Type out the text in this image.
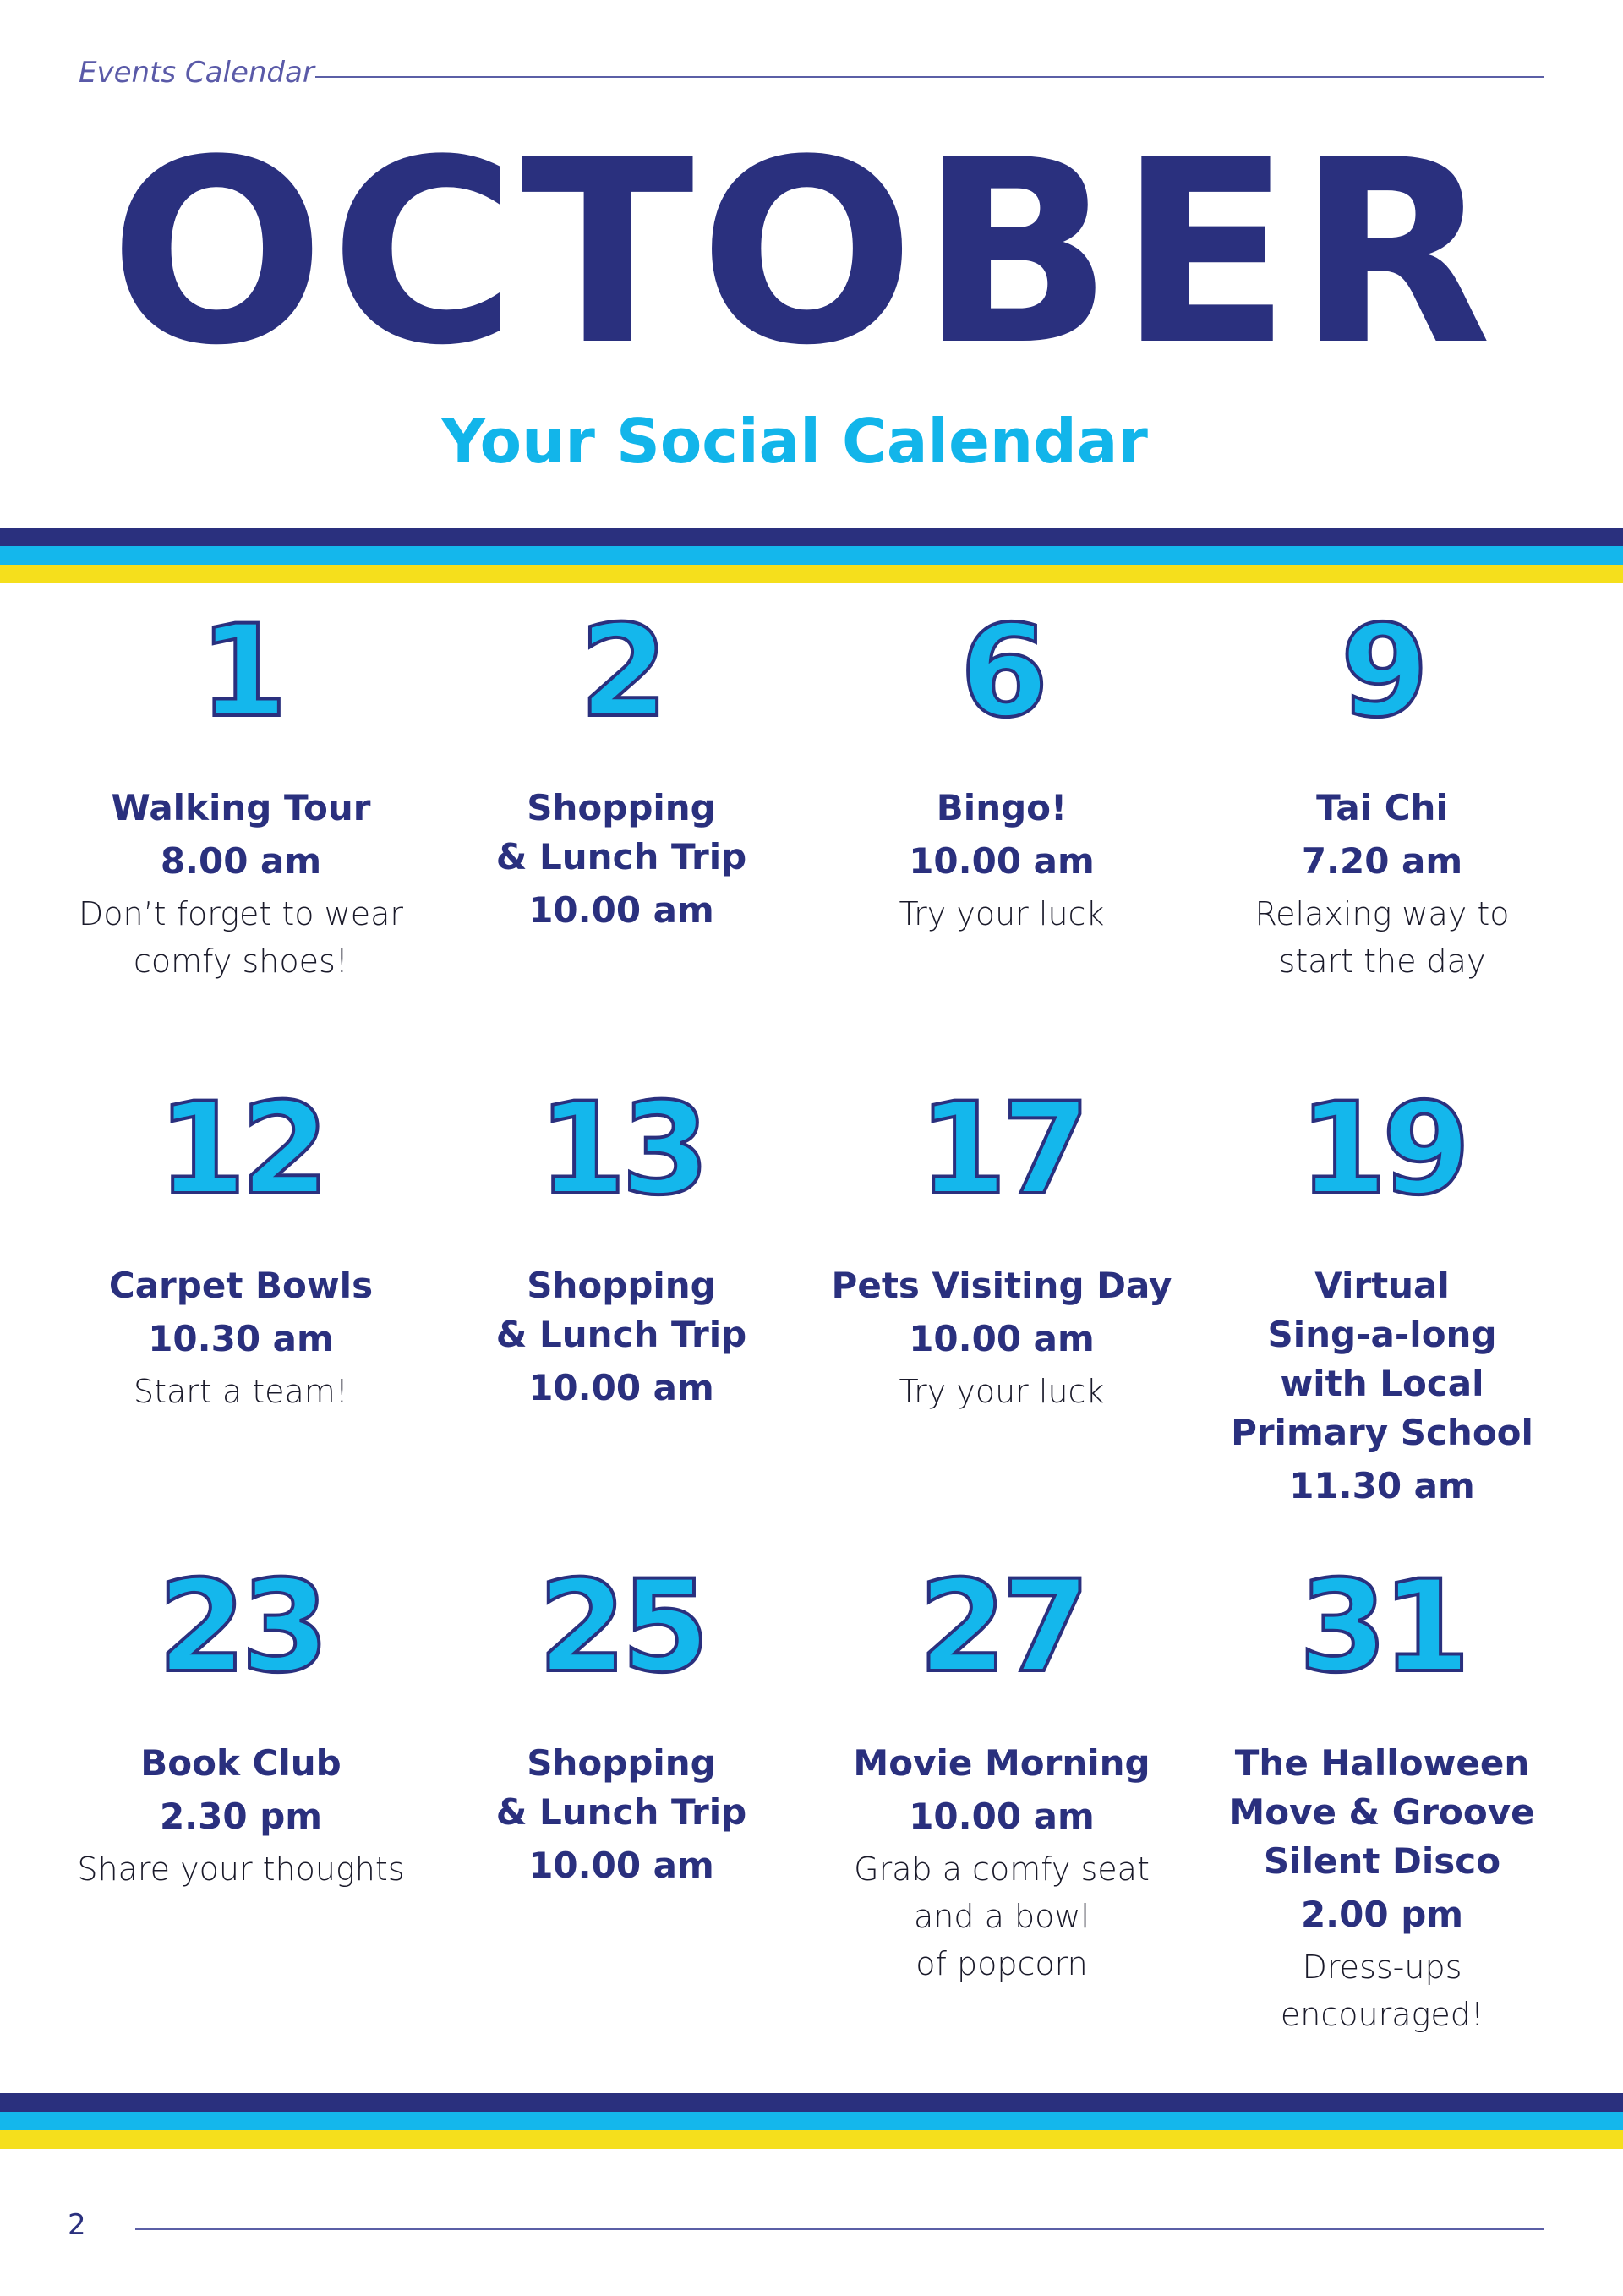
Events Calendar
OCTOBER
Your Social Calendar
1
Walking Tour
8.00 am
Don’t forget to wear
comfy shoes!
2
Shopping
& Lunch Trip
10.00 am
6
Bingo!
10.00 am
Try your luck
9
Tai Chi
7.20 am
Relaxing way to
start the day
12
Carpet Bowls
10.30 am
Start a team!
13
Shopping
& Lunch Trip
10.00 am
17
Pets Visiting Day
10.00 am
Try your luck
19
Virtual
Sing-a-long
with Local
Primary School
11.30 am
23
Book Club
2.30 pm
Share your thoughts
25
Shopping
& Lunch Trip
10.00 am
27
Movie Morning
10.00 am
Grab a comfy seat
and a bowl
of popcorn
31
The Halloween
Move & Groove
Silent Disco
2.00 pm
Dress-ups
encouraged!
2
